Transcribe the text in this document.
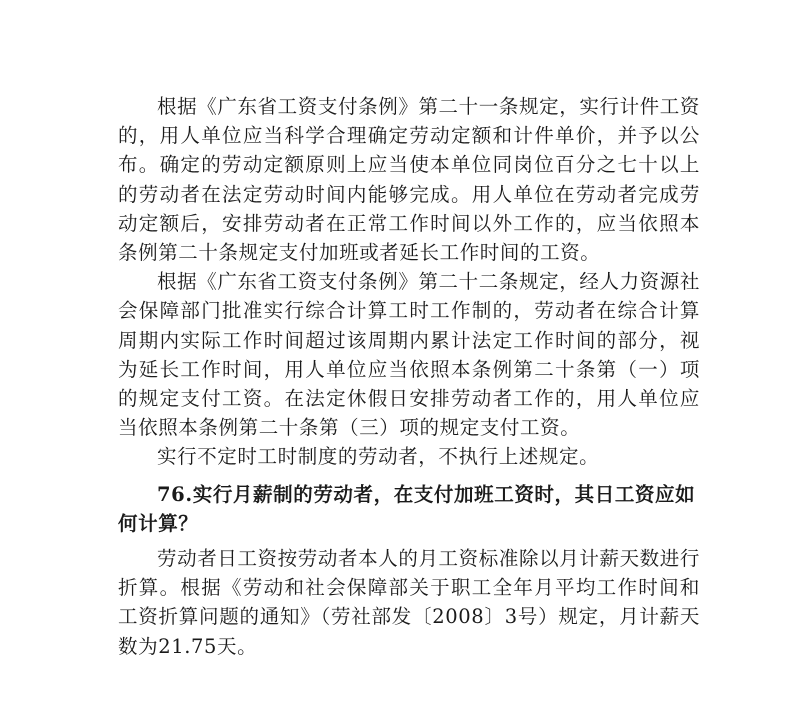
根据《广东省工资支付条例》第二十一条规定，实行计件工资的，用人单位应当科学合理确定劳动定额和计件单价，并予以公布。确定的劳动定额原则上应当使本单位同岗位百分之七十以上的劳动者在法定劳动时间内能够完成。用人单位在劳动者完成劳动定额后，安排劳动者在正常工作时间以外工作的，应当依照本条例第二十条规定支付加班或者延长工作时间的工资。

根据《广东省工资支付条例》第二十二条规定，经人力资源社会保障部门批准实行综合计算工时工作制的，劳动者在综合计算周期内实际工作时间超过该周期内累计法定工作时间的部分，视为延长工作时间，用人单位应当依照本条例第二十条第（一）项的规定支付工资。在法定休假日安排劳动者工作的，用人单位应当依照本条例第二十条第（三）项的规定支付工资。

实行不定时工时制度的劳动者，不执行上述规定。

76.实行月薪制的劳动者，在支付加班工资时，其日工资应如何计算？

劳动者日工资按劳动者本人的月工资标准除以月计薪天数进行折算。根据《劳动和社会保障部关于职工全年月平均工作时间和工资折算问题的通知》（劳社部发〔2008〕3号）规定，月计薪天数为21.75天。
